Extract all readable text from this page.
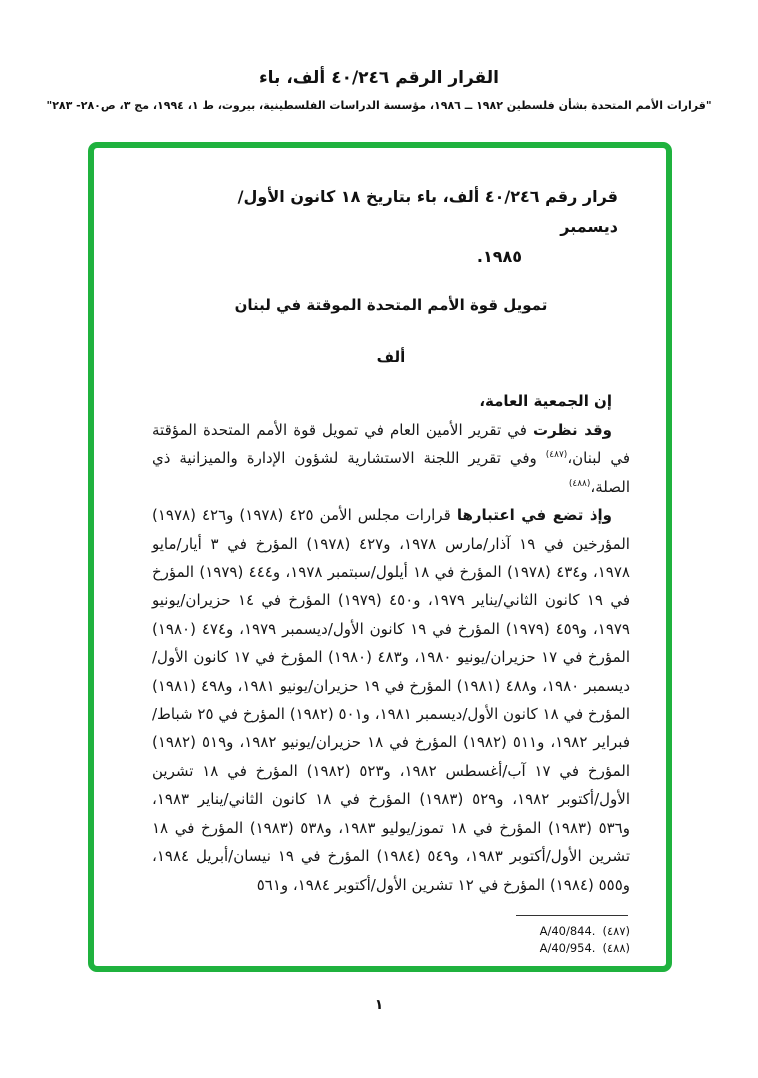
القرار الرقم ٤٠/٢٤٦ ألف، باء

"قرارات الأمم المتحدة بشأن فلسطين ١٩٨٢ ــ ١٩٨٦، مؤسسة الدراسات الفلسطينية، بيروت، ط ١، ١٩٩٤، مج ٣، ص٢٨٠- ٢٨٣"

قرار رقم ٤٠/٢٤٦ ألف، باء بتاريخ ١٨ كانون الأول/ديسمبر
١٩٨٥.
تمويل قوة الأمم المتحدة الموقتة في لبنان
ألف

إن الجمعية العامة،

وقد نظرت في تقرير الأمين العام في تمويل قوة الأمم المتحدة المؤقتة في لبنان،$^{(٤٨٧)}$ وفي تقرير اللجنة الاستشارية لشؤون الإدارة والميزانية ذي الصلة،$^{(٤٨٨)}$

وإذ تضع في اعتبارها قرارات مجلس الأمن ٤٢٥ (١٩٧٨) و٤٢٦ (١٩٧٨) المؤرخين في ١٩ آذار/مارس ١٩٧٨، و٤٢٧ (١٩٧٨) المؤرخ في ٣ أيار/مايو ١٩٧٨، و٤٣٤ (١٩٧٨) المؤرخ في ١٨ أيلول/سبتمبر ١٩٧٨، و٤٤٤ (١٩٧٩) المؤرخ في ١٩ كانون الثاني/يناير ١٩٧٩، و٤٥٠ (١٩٧٩) المؤرخ في ١٤ حزيران/يونيو ١٩٧٩، و٤٥٩ (١٩٧٩) المؤرخ في ١٩ كانون الأول/ديسمبر ١٩٧٩، و٤٧٤ (١٩٨٠) المؤرخ في ١٧ حزيران/يونيو ١٩٨٠، و٤٨٣ (١٩٨٠) المؤرخ في ١٧ كانون الأول/ديسمبر ١٩٨٠، و٤٨٨ (١٩٨١) المؤرخ في ١٩ حزيران/يونيو ١٩٨١، و٤٩٨ (١٩٨١) المؤرخ في ١٨ كانون الأول/ديسمبر ١٩٨١، و٥٠١ (١٩٨٢) المؤرخ في ٢٥ شباط/فبراير ١٩٨٢، و٥١١ (١٩٨٢) المؤرخ في ١٨ حزيران/يونيو ١٩٨٢، و٥١٩ (١٩٨٢) المؤرخ في ١٧ آب/أغسطس ١٩٨٢، و٥٢٣ (١٩٨٢) المؤرخ في ١٨ تشرين الأول/أكتوبر ١٩٨٢، و٥٢٩ (١٩٨٣) المؤرخ في ١٨ كانون الثاني/يناير ١٩٨٣، و٥٣٦ (١٩٨٣) المؤرخ في ١٨ تموز/يوليو ١٩٨٣، و٥٣٨ (١٩٨٣) المؤرخ في ١٨ تشرين الأول/أكتوبر ١٩٨٣، و٥٤٩ (١٩٨٤) المؤرخ في ١٩ نيسان/أبريل ١٩٨٤، و٥٥٥ (١٩٨٤) المؤرخ في ١٢ تشرين الأول/أكتوبر ١٩٨٤، و٥٦١

(٤٨٧)A/40/844.
(٤٨٨)A/40/954.
١
